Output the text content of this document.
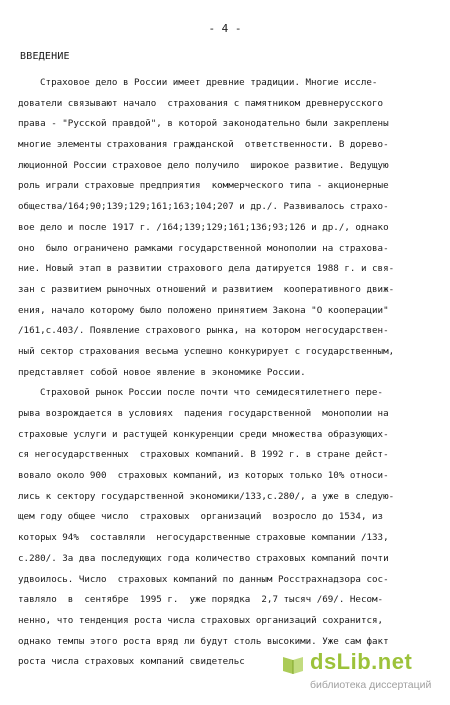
- 4 -
ВВЕДЕНИЕ
Страховое дело в России имеет древние традиции. Многие иссле-
дователи связывают начало  страхования с памятником древнерусского
права - "Русской правдой", в которой законодательно были закреплены
многие элементы страхования гражданской  ответственности. В дорево-
люционной России страховое дело получило  широкое развитие. Ведущую
роль играли страховые предприятия  коммерческого типа - акционерные
общества/164;90;139;129;161;163;104;207 и др./. Развивалось страхо-
вое дело и после 1917 г. /164;139;129;161;136;93;126 и др./, однако
оно  было ограничено рамками государственной монополии на страхова-
ние. Новый этап в развитии страхового дела датируется 1988 г. и свя-
зан с развитием рыночных отношений и развитием  кооперативного движ-
ения, начало которому было положено принятием Закона "О кооперации"
/161,с.403/. Появление страхового рынка, на котором негосударствен-
ный сектор страхования весьма успешно конкурирует с государственным,
представляет собой новое явление в экономике России.
Страховой рынок России после почти что семидесятилетнего пере-
рыва возрождается в условиях  падения государственной  монополии на
страховые услуги и растущей конкуренции среди множества образующих-
ся негосударственных  страховых компаний. В 1992 г. в стране дейст-
вовало около 900  страховых компаний, из которых только 10% относи-
лись к сектору государственной экономики/133,с.280/, а уже в следую-
щем году общее число  страховых  организаций  возросло до 1534, из
которых 94%  составляли  негосударственные страховые компании /133,
с.280/. За два последующих года количество страховых компаний почти
удвоилось. Число  страховых компаний по данным Росстрахнадзора сос-
тавляло  в  сентябре  1995 г.  уже порядка  2,7 тысяч /69/. Несом-
ненно, что тенденция роста числа страховых организаций сохранится,
однако темпы этого роста вряд ли будут столь высокими. Уже сам факт
роста числа страховых компаний свидетельс	dsLib.net
библиотека диссертаций
